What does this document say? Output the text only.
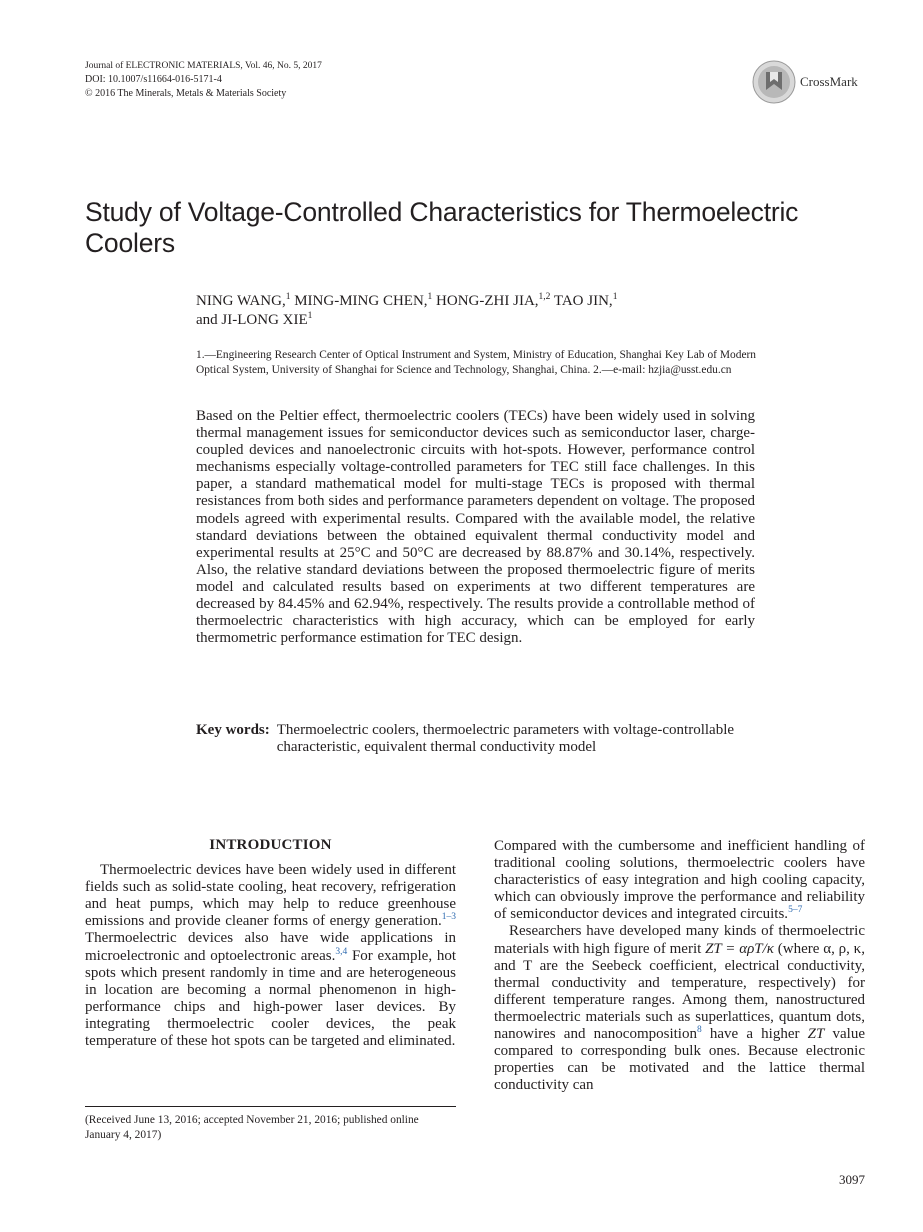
Journal of ELECTRONIC MATERIALS, Vol. 46, No. 5, 2017
DOI: 10.1007/s11664-016-5171-4
© 2016 The Minerals, Metals & Materials Society
CrossMark
Study of Voltage-Controlled Characteristics for Thermoelectric Coolers
NING WANG,$^1$ MING-MING CHEN,$^1$ HONG-ZHI JIA,$^{1,2}$ TAO JIN,$^1$
and JI-LONG XIE$^1$
1.—Engineering Research Center of Optical Instrument and System, Ministry of Education, Shanghai Key Lab of Modern Optical System, University of Shanghai for Science and Technology, Shanghai, China. 2.—e-mail: hzjia@usst.edu.cn
Based on the Peltier effect, thermoelectric coolers (TECs) have been widely used in solving thermal management issues for semiconductor devices such as semiconductor laser, charge-coupled devices and nanoelectronic circuits with hot-spots. However, performance control mechanisms especially voltage-controlled parameters for TEC still face challenges. In this paper, a standard mathematical model for multi-stage TECs is proposed with thermal resistances from both sides and performance parameters dependent on voltage. The proposed models agreed with experimental results. Compared with the available model, the relative standard deviations between the obtained equivalent thermal conductivity model and experimental results at 25°C and 50°C are decreased by 88.87% and 30.14%, respectively. Also, the relative standard deviations between the proposed thermoelectric figure of merits model and calculated results based on experiments at two different temperatures are decreased by 84.45% and 62.94%, respectively. The results provide a controllable method of thermoelectric characteristics with high accuracy, which can be employed for early thermometric performance estimation for TEC design.
Key words: Thermoelectric coolers, thermoelectric parameters with voltage-controllable characteristic, equivalent thermal conductivity model
INTRODUCTION

Thermoelectric devices have been widely used in different fields such as solid-state cooling, heat recovery, refrigeration and heat pumps, which may help to reduce greenhouse emissions and provide cleaner forms of energy generation.$^{1-3}$ Thermoelectric devices also have wide applications in microelectronic and optoelectronic areas.$^{3,4}$ For example, hot spots which present randomly in time and are heterogeneous in location are becoming a normal phenomenon in high-performance chips and high-power laser devices. By integrating thermoelectric cooler devices, the peak temperature of these hot spots can be targeted and eliminated.

Compared with the cumbersome and inefficient handling of traditional cooling solutions, thermoelectric coolers have characteristics of easy integration and high cooling capacity, which can obviously improve the performance and reliability of semiconductor devices and integrated circuits.$^{5-7}$

Researchers have developed many kinds of thermoelectric materials with high figure of merit ZT = αρT/κ (where α, ρ, κ, and T are the Seebeck coefficient, electrical conductivity, thermal conductivity and temperature, respectively) for different temperature ranges. Among them, nanostructured thermoelectric materials such as superlattices, quantum dots, nanowires and nanocomposition$^8$ have a higher ZT value compared to corresponding bulk ones. Because electronic properties can be motivated and the lattice thermal conductivity can

(Received June 13, 2016; accepted November 21, 2016; published online January 4, 2017)
3097
